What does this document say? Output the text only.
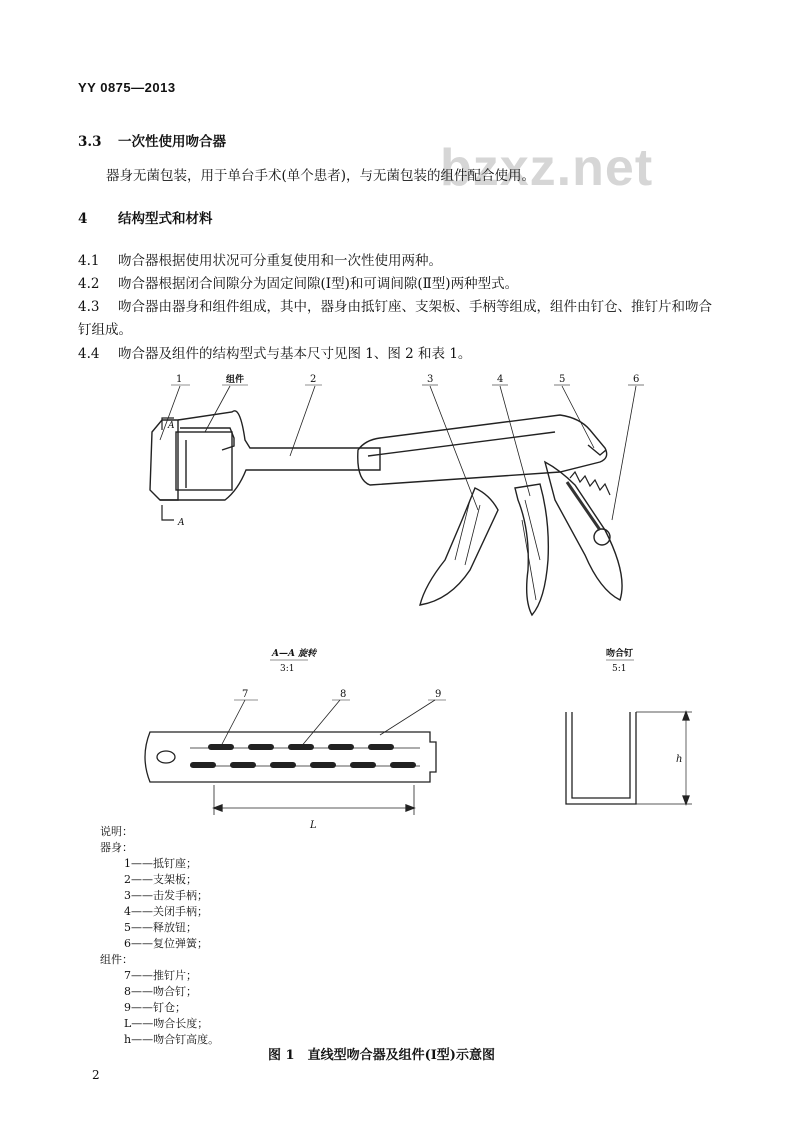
YY 0875—2013
bzxz.net
3.3 一次性使用吻合器
器身无菌包装，用于单台手术(单个患者)，与无菌包装的组件配合使用。
4 结构型式和材料
4.1 吻合器根据使用状况可分重复使用和一次性使用两种。
4.2 吻合器根据闭合间隙分为固定间隙(Ⅰ型)和可调间隙(Ⅱ型)两种型式。
4.3 吻合器由器身和组件组成，其中，器身由抵钉座、支架板、手柄等组成，组件由钉仓、推钉片和吻合
钉组成。
4.4 吻合器及组件的结构型式与基本尺寸见图 1、图 2 和表 1。
1	组件	2	3	4	5	6
A
A
A—A 旋转
3:1
7	8	9
L
吻合钉
5:1
h
说明：
器身：
1——抵钉座；
2——支架板；
3——击发手柄；
4——关闭手柄；
5——释放钮；
6——复位弹簧；
组件：
7——推钉片；
8——吻合钉；
9——钉仓；
L——吻合长度；
h——吻合钉高度。
图 1　直线型吻合器及组件(Ⅰ型)示意图
2
